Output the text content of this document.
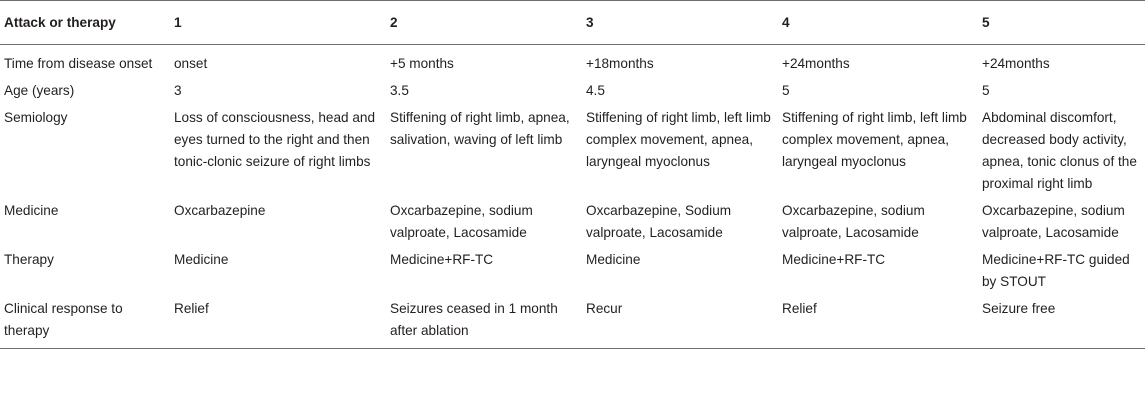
Attack or therapy	1	2	3	4	5
Time from disease onset	onset	+5 months	+18months	+24months	+24months
Age (years)	3	3.5	4.5	5	5
Semiology	Loss of consciousness, head and eyes turned to the right and then tonic-clonic seizure of right limbs	Stiffening of right limb, apnea, salivation, waving of left limb	Stiffening of right limb, left limb complex movement, apnea, laryngeal myoclonus	Stiffening of right limb, left limb complex movement, apnea, laryngeal myoclonus	Abdominal discomfort, decreased body activity, apnea, tonic clonus of the proximal right limb
Medicine	Oxcarbazepine	Oxcarbazepine, sodium valproate, Lacosamide	Oxcarbazepine, Sodium valproate, Lacosamide	Oxcarbazepine, sodium valproate, Lacosamide	Oxcarbazepine, sodium valproate, Lacosamide
Therapy	Medicine	Medicine+RF-TC	Medicine	Medicine+RF-TC	Medicine+RF-TC guided by STOUT
Clinical response to therapy	Relief	Seizures ceased in 1 month after ablation	Recur	Relief	Seizure free
